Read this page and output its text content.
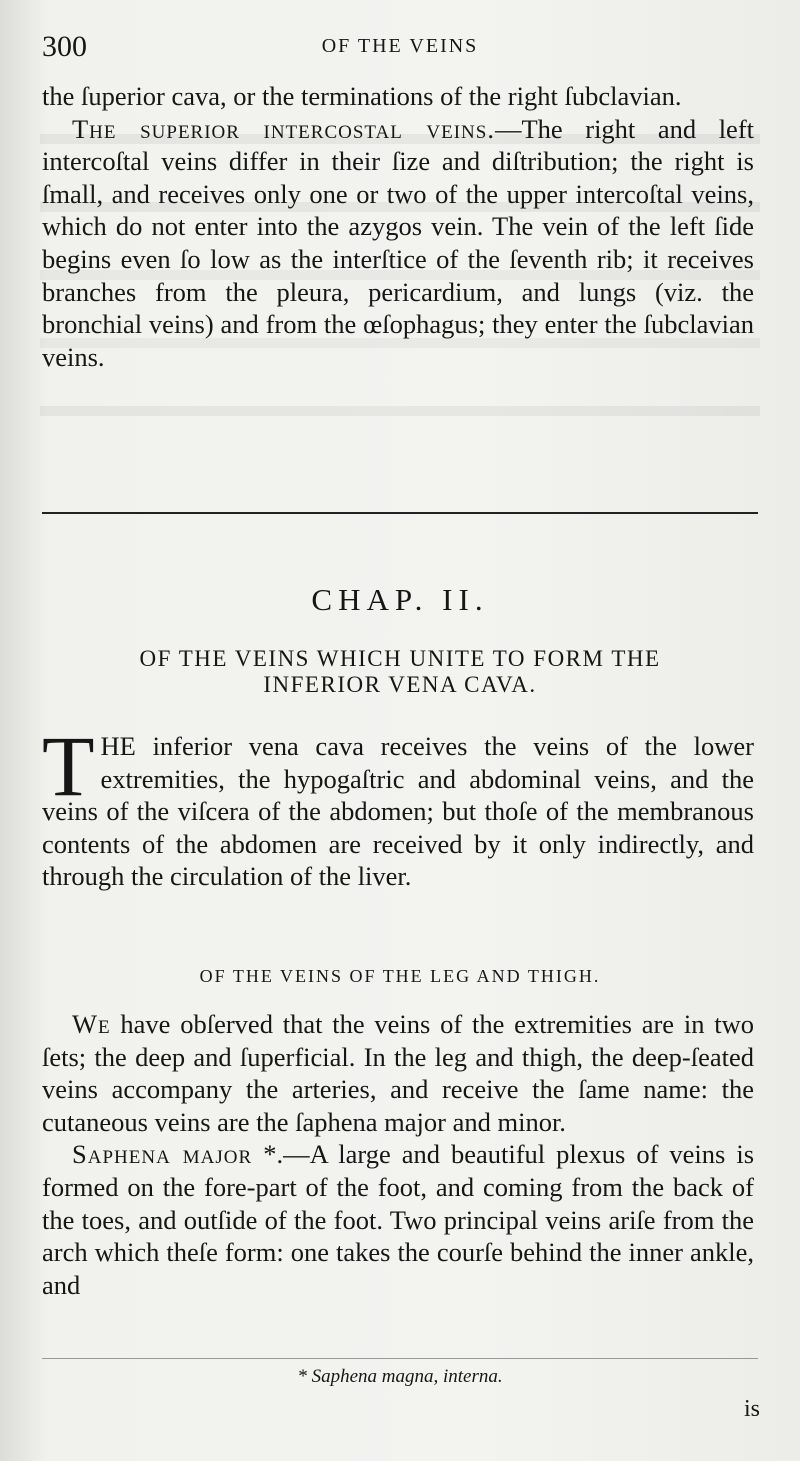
300	OF THE VEINS

the ſuperior cava, or the terminations of the right ſubclavian.

The superior intercostal veins.—The right and left intercoſtal veins differ in their ſize and diſtribution; the right is ſmall, and receives only one or two of the upper intercoſtal veins, which do not enter into the azygos vein. The vein of the left ſide begins even ſo low as the interſtice of the ſeventh rib; it receives branches from the pleura, pericardium, and lungs (viz. the bronchial veins) and from the œſophagus; they enter the ſubclavian veins.

CHAP. II.
OF THE VEINS WHICH UNITE TO FORM THE
INFERIOR VENA CAVA.

THE inferior vena cava receives the veins of the lower extremities, the hypogaſtric and abdominal veins, and the veins of the viſcera of the abdomen; but thoſe of the membranous contents of the abdomen are received by it only indirectly, and through the circulation of the liver.

OF THE VEINS OF THE LEG AND THIGH.

We have obſerved that the veins of the extremities are in two ſets; the deep and ſuperficial. In the leg and thigh, the deep-ſeated veins accompany the arteries, and receive the ſame name: the cutaneous veins are the ſaphena major and minor.

Saphena major *.—A large and beautiful plexus of veins is formed on the fore-part of the foot, and coming from the back of the toes, and outſide of the foot. Two principal veins ariſe from the arch which theſe form: one takes the courſe behind the inner ankle, and

* Saphena magna, interna.
is
